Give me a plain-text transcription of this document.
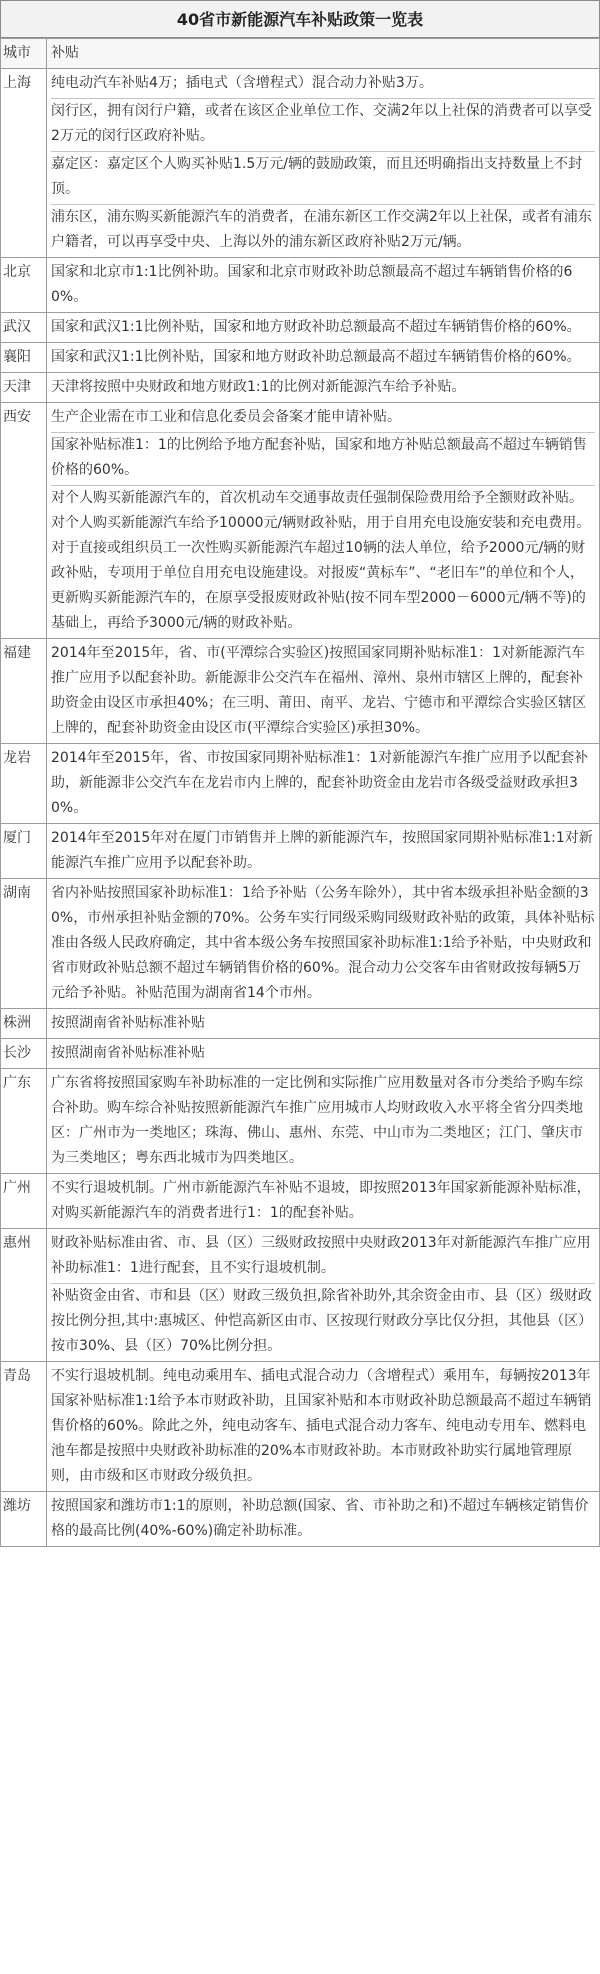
40省市新能源汽车补贴政策一览表
城市	补贴
上海	纯电动汽车补贴4万；插电式（含增程式）混合动力补贴3万。
闵行区，拥有闵行户籍，或者在该区企业单位工作、交满2年以上社保的消费者可以享受2万元的闵行区政府补贴。
嘉定区：嘉定区个人购买补贴1.5万元/辆的鼓励政策，而且还明确指出支持数量上不封顶。
浦东区，浦东购买新能源汽车的消费者，在浦东新区工作交满2年以上社保，或者有浦东户籍者，可以再享受中央、上海以外的浦东新区政府补贴2万元/辆。

北京	国家和北京市1:1比例补助。国家和北京市财政补助总额最高不超过车辆销售价格的60%。

武汉	国家和武汉1:1比例补贴，国家和地方财政补助总额最高不超过车辆销售价格的60%。

襄阳	国家和武汉1:1比例补贴，国家和地方财政补助总额最高不超过车辆销售价格的60%。

天津	天津将按照中央财政和地方财政1:1的比例对新能源汽车给予补贴。

西安	生产企业需在市工业和信息化委员会备案才能申请补贴。
国家补贴标准1：1的比例给予地方配套补贴，国家和地方补贴总额最高不超过车辆销售价格的60%。
对个人购买新能源汽车的，首次机动车交通事故责任强制保险费用给予全额财政补贴。对个人购买新能源汽车给予10000元/辆财政补贴，用于自用充电设施安装和充电费用。对于直接或组织员工一次性购买新能源汽车超过10辆的法人单位，给予2000元/辆的财政补贴，专项用于单位自用充电设施建设。对报废“黄标车”、“老旧车”的单位和个人，更新购买新能源汽车的，在原享受报废财政补贴(按不同车型2000－6000元/辆不等)的基础上，再给予3000元/辆的财政补贴。

福建	2014年至2015年，省、市(平潭综合实验区)按照国家同期补贴标准1：1对新能源汽车推广应用予以配套补助。新能源非公交汽车在福州、漳州、泉州市辖区上牌的，配套补助资金由设区市承担40%；在三明、莆田、南平、龙岩、宁德市和平潭综合实验区辖区上牌的，配套补助资金由设区市(平潭综合实验区)承担30%。

龙岩	2014年至2015年，省、市按国家同期补贴标准1：1对新能源汽车推广应用予以配套补助，新能源非公交汽车在龙岩市内上牌的，配套补助资金由龙岩市各级受益财政承担30%。

厦门	2014年至2015年对在厦门市销售并上牌的新能源汽车，按照国家同期补贴标准1:1对新能源汽车推广应用予以配套补助。

湖南	省内补贴按照国家补助标准1：1给予补贴（公务车除外），其中省本级承担补贴金额的30%，市州承担补贴金额的70%。公务车实行同级采购同级财政补贴的政策，具体补贴标准由各级人民政府确定，其中省本级公务车按照国家补助标准1:1给予补贴，中央财政和省市财政补贴总额不超过车辆销售价格的60%。混合动力公交客车由省财政按每辆5万元给予补贴。补贴范围为湖南省14个市州。

株洲	按照湖南省补贴标准补贴

长沙	按照湖南省补贴标准补贴

广东	广东省将按照国家购车补助标准的一定比例和实际推广应用数量对各市分类给予购车综合补助。购车综合补贴按照新能源汽车推广应用城市人均财政收入水平将全省分四类地区：广州市为一类地区；珠海、佛山、惠州、东莞、中山市为二类地区；江门、肇庆市为三类地区；粤东西北城市为四类地区。

广州	不实行退坡机制。广州市新能源汽车补贴不退坡，即按照2013年国家新能源补贴标准，对购买新能源汽车的消费者进行1：1的配套补贴。

惠州	财政补贴标准由省、市、县（区）三级财政按照中央财政2013年对新能源汽车推广应用补助标准1：1进行配套，且不实行退坡机制。
补贴资金由省、市和县（区）财政三级负担,除省补助外,其余资金由市、县（区）级财政按比例分担,其中:惠城区、仲恺高新区由市、区按现行财政分享比仅分担，其他县（区）按市30%、县（区）70%比例分担。

青岛	不实行退坡机制。纯电动乘用车、插电式混合动力（含增程式）乘用车，每辆按2013年国家补贴标准1:1给予本市财政补助，且国家补贴和本市财政补助总额最高不超过车辆销售价格的60%。除此之外，纯电动客车、插电式混合动力客车、纯电动专用车、燃料电池车都是按照中央财政补助标准的20%本市财政补助。本市财政补助实行属地管理原则，由市级和区市财政分级负担。

潍坊	按照国家和潍坊市1:1的原则，补助总额(国家、省、市补助之和)不超过车辆核定销售价格的最高比例(40%-60%)确定补助标准。
